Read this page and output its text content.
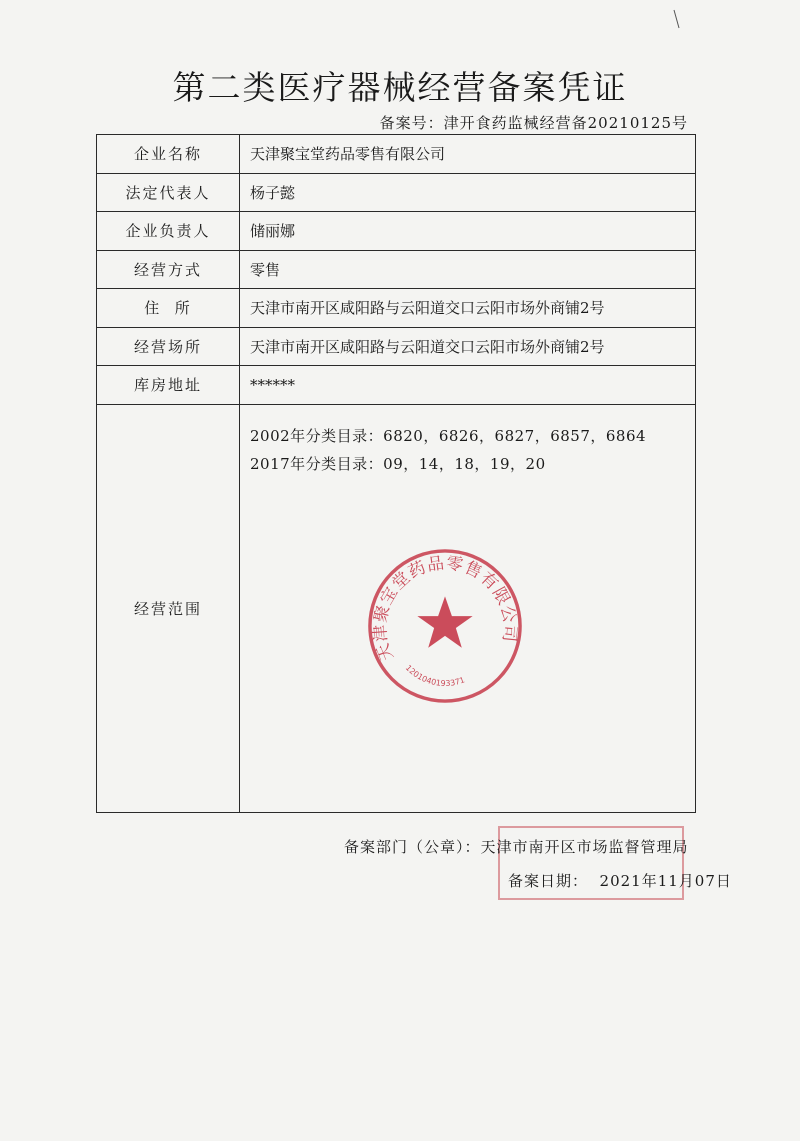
第二类医疗器械经营备案凭证
备案号：津开食药监械经营备20210125号
企业名称	天津聚宝堂药品零售有限公司
法定代表人	杨子懿
企业负责人	储丽娜
经营方式	零售
住  所	天津市南开区咸阳路与云阳道交口云阳市场外商铺2号
经营场所	天津市南开区咸阳路与云阳道交口云阳市场外商铺2号
库房地址	******
经营范围	2002年分类目录：6820，6826，6827，6857，6864
2017年分类目录：09，14，18，19，20
天津聚宝堂药品零售有限公司
1201040193371
备案部门（公章）：天津市南开区市场监督管理局
备案日期：  2021年11月07日
